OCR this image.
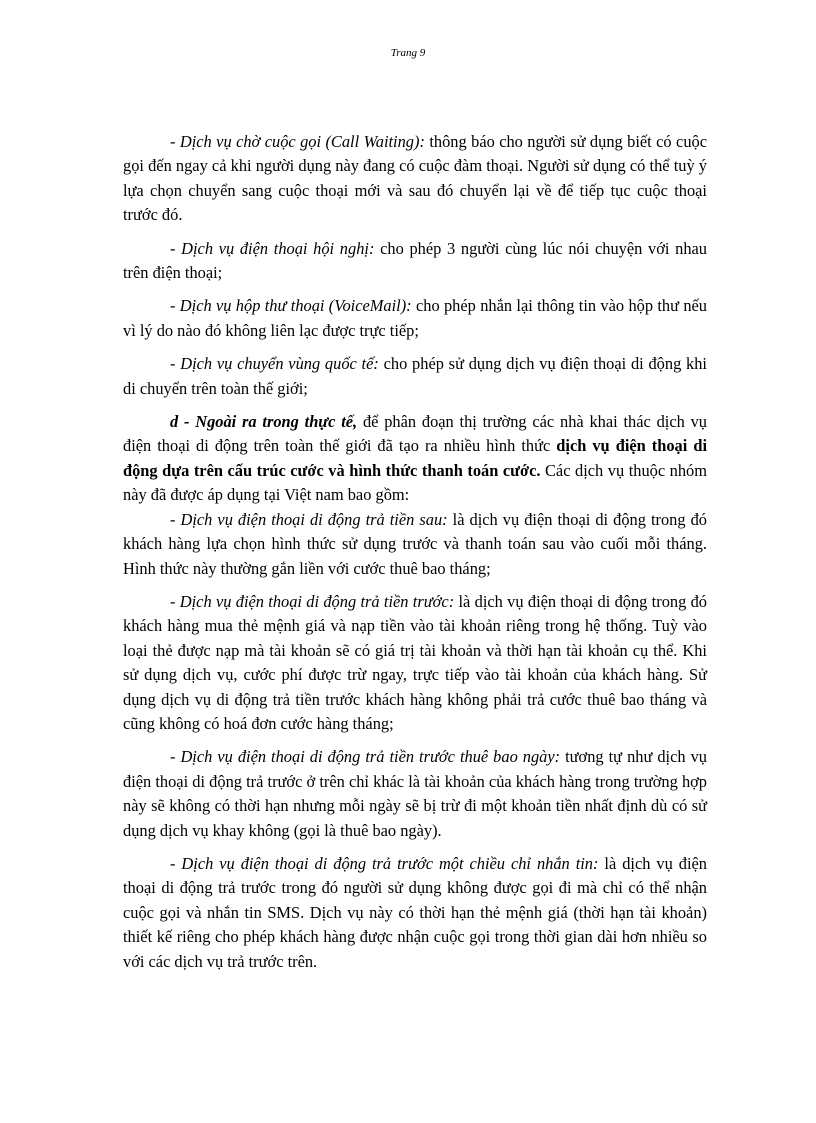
Trang 9

- Dịch vụ chờ cuộc gọi (Call Waiting): thông báo cho người sử dụng biết có cuộc gọi đến ngay cả khi người dụng này đang có cuộc đàm thoại. Người sử dụng có thể tuỳ ý lựa chọn chuyển sang cuộc thoại mới và sau đó chuyển lại về để tiếp tục cuộc thoại trước đó.

- Dịch vụ điện thoại hội nghị: cho phép 3 người cùng lúc nói chuyện với nhau trên điện thoại;

- Dịch vụ hộp thư thoại (VoiceMail): cho phép nhắn lại thông tin vào hộp thư nếu vì lý do nào đó không liên lạc được trực tiếp;

- Dịch vụ chuyển vùng quốc tế: cho phép sử dụng dịch vụ điện thoại di động khi di chuyển trên toàn thế giới;

d - Ngoài ra trong thực tế, để phân đoạn thị trường các nhà khai thác dịch vụ điện thoại di động trên toàn thế giới đã tạo ra nhiều hình thức dịch vụ điện thoại di động dựa trên cấu trúc cước và hình thức thanh toán cước. Các dịch vụ thuộc nhóm này đã được áp dụng tại Việt nam bao gồm:

- Dịch vụ điện thoại di động trả tiền sau: là dịch vụ điện thoại di động trong đó khách hàng lựa chọn hình thức sử dụng trước và thanh toán sau vào cuối mỗi tháng. Hình thức này thường gắn liền với cước thuê bao tháng;

- Dịch vụ điện thoại di động trả tiền trước: là dịch vụ điện thoại di động trong đó khách hàng mua thẻ mệnh giá và nạp tiền vào tài khoản riêng trong hệ thống. Tuỳ vào loại thẻ được nạp mà tài khoản sẽ có giá trị tài khoản và thời hạn tài khoản cụ thể. Khi sử dụng dịch vụ, cước phí được trừ ngay, trực tiếp vào tài khoản của khách hàng. Sử dụng dịch vụ di động trả tiền trước khách hàng không phải trả cước thuê bao tháng và cũng không có hoá đơn cước hàng tháng;

- Dịch vụ điện thoại di động trả tiền trước thuê bao ngày: tương tự như dịch vụ điện thoại di động trả trước ở trên chỉ khác là tài khoản của khách hàng trong trường hợp này sẽ không có thời hạn nhưng mỗi ngày sẽ bị trừ đi một khoản tiền nhất định dù có sử dụng dịch vụ khay không (gọi là thuê bao ngày).

- Dịch vụ điện thoại di động trả trước một chiều chỉ nhắn tin: là dịch vụ điện thoại di động trả trước trong đó người sử dụng không được gọi đi mà chỉ có thể nhận cuộc gọi và nhắn tin SMS. Dịch vụ này có thời hạn thẻ mệnh giá (thời hạn tài khoản) thiết kế riêng cho phép khách hàng được nhận cuộc gọi trong thời gian dài hơn nhiều so với các dịch vụ trả trước trên.
